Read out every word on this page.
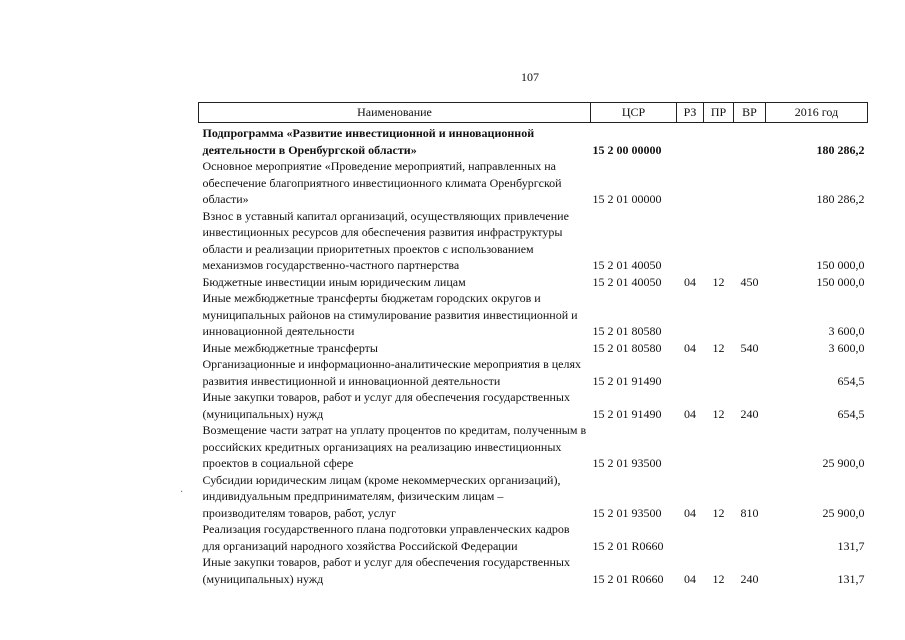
107
Наименование	ЦСР	РЗ	ПР	ВР	2016 год
Подпрограмма «Развитие инвестиционной и инновационной деятельности в Оренбургской области»	15 2 00 00000				180 286,2
Основное мероприятие «Проведение мероприятий, направленных на обеспечение благоприятного инвестиционного климата Оренбургской области»	15 2 01 00000				180 286,2
Взнос в уставный капитал организаций, осуществляющих привлечение инвестиционных ресурсов для обеспечения развития инфраструктуры области и реализации приоритетных проектов с использованием механизмов государственно-частного партнерства	15 2 01 40050				150 000,0
Бюджетные инвестиции иным юридическим лицам	15 2 01 40050	04	12	450	150 000,0
Иные межбюджетные трансферты бюджетам городских округов и муниципальных районов на стимулирование развития инвестиционной и инновационной деятельности	15 2 01 80580				3 600,0
Иные межбюджетные трансферты	15 2 01 80580	04	12	540	3 600,0
Организационные и информационно-аналитические мероприятия в целях развития инвестиционной и инновационной деятельности	15 2 01 91490				654,5
Иные закупки товаров, работ и услуг для обеспечения государственных (муниципальных) нужд	15 2 01 91490	04	12	240	654,5
Возмещение части затрат на уплату процентов по кредитам, полученным в российских кредитных организациях на реализацию инвестиционных проектов в социальной сфере	15 2 01 93500				25 900,0
Субсидии юридическим лицам (кроме некоммерческих организаций), индивидуальным предпринимателям, физическим лицам – производителям товаров, работ, услуг	15 2 01 93500	04	12	810	25 900,0
Реализация государственного плана подготовки управленческих кадров для организаций народного хозяйства Российской Федерации	15 2 01 R0660				131,7
Иные закупки товаров, работ и услуг для обеспечения государственных (муниципальных) нужд	15 2 01 R0660	04	12	240	131,7
·
